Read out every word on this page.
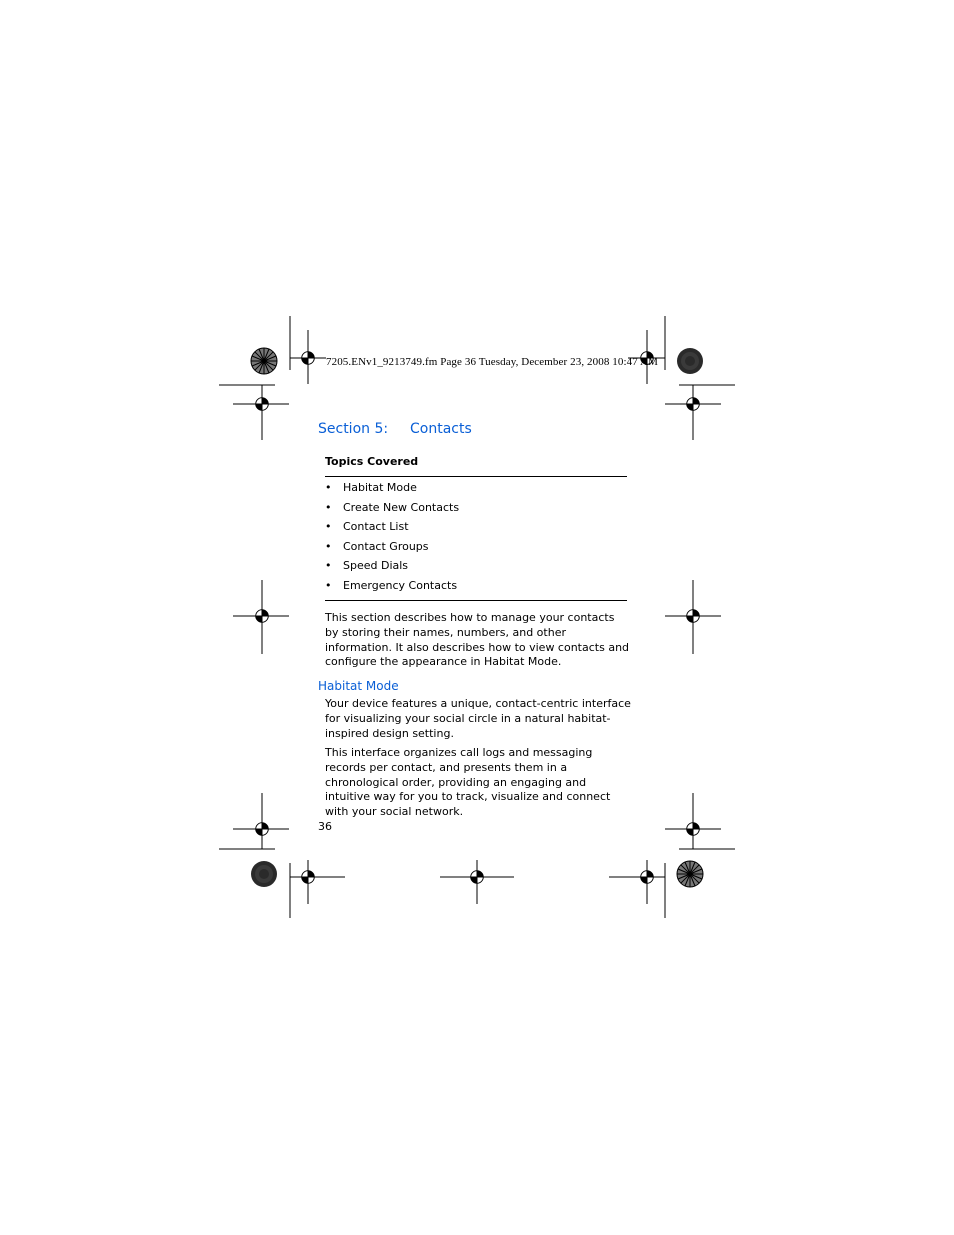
7205.ENv1_9213749.fm Page 36 Tuesday, December 23, 2008 10:47 AM
Section 5: Contacts
Topics Covered
• Habitat Mode
• Create New Contacts
• Contact List
• Contact Groups
• Speed Dials
• Emergency Contacts

This section describes how to manage your contacts by storing their names, numbers, and other information. It also describes how to view contacts and configure the appearance in Habitat Mode.

Habitat Mode

Your device features a unique, contact-centric interface for visualizing your social circle in a natural habitat-inspired design setting.

This interface organizes call logs and messaging records per contact, and presents them in a chronological order, providing an engaging and intuitive way for you to track, visualize and connect with your social network.

36
